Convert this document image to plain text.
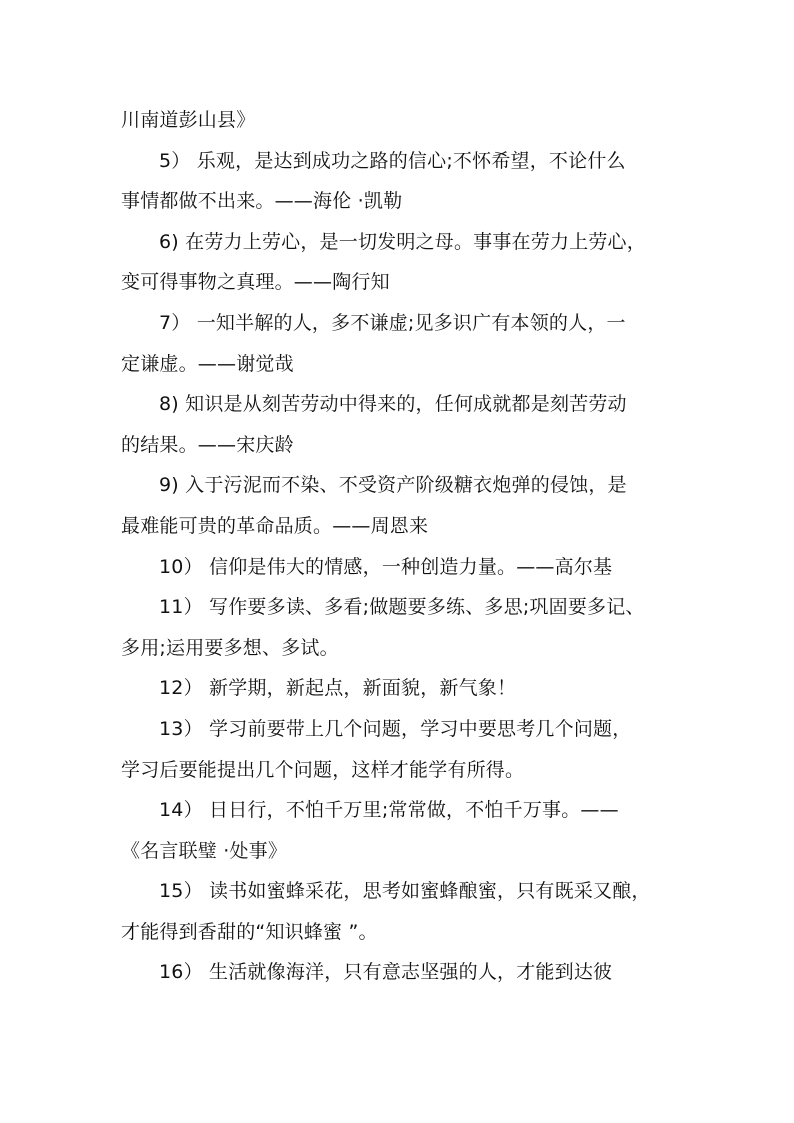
川南道彭山县》
5） 乐观，是达到成功之路的信心;不怀希望，不论什么
事情都做不出来。——海伦 ·凯勒
6) 在劳力上劳心，是一切发明之母。事事在劳力上劳心，
变可得事物之真理。——陶行知
7） 一知半解的人，多不谦虚;见多识广有本领的人，一
定谦虚。——谢觉哉
8) 知识是从刻苦劳动中得来的，任何成就都是刻苦劳动
的结果。——宋庆龄
9) 入于污泥而不染、不受资产阶级糖衣炮弹的侵蚀，是
最难能可贵的革命品质。——周恩来
10） 信仰是伟大的情感，一种创造力量。——高尔基
11） 写作要多读、多看;做题要多练、多思;巩固要多记、
多用;运用要多想、多试。
12） 新学期，新起点，新面貌，新气象！
13） 学习前要带上几个问题，学习中要思考几个问题，
学习后要能提出几个问题，这样才能学有所得。
14） 日日行，不怕千万里;常常做，不怕千万事。——
《名言联璧 ·处事》
15） 读书如蜜蜂采花，思考如蜜蜂酿蜜，只有既采又酿，
才能得到香甜的“知识蜂蜜 ”。
16） 生活就像海洋，只有意志坚强的人，才能到达彼
